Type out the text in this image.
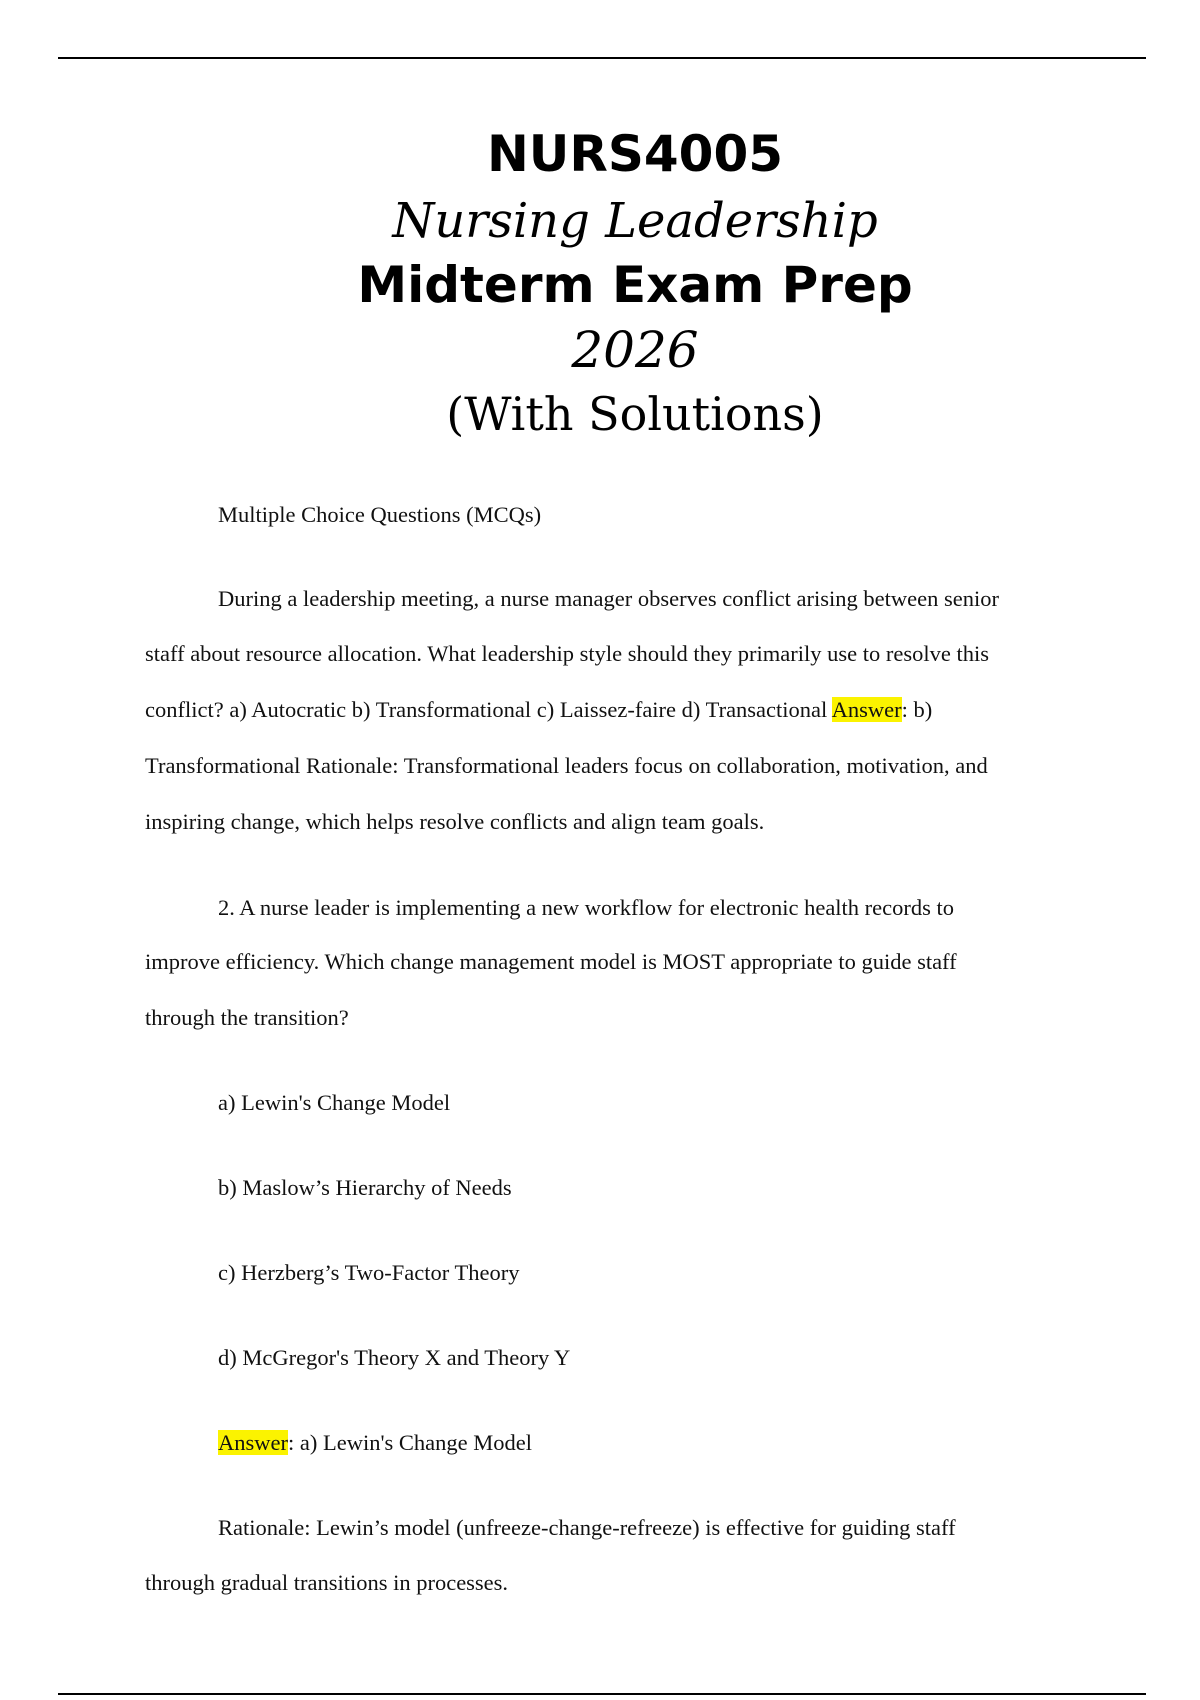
NURS4005
Nursing Leadership
Midterm Exam Prep
2026
(With Solutions)
Multiple Choice Questions (MCQs)
During a leadership meeting, a nurse manager observes conflict arising between senior
staff about resource allocation. What leadership style should they primarily use to resolve this
conflict? a) Autocratic b) Transformational c) Laissez-faire d) Transactional Answer: b)
Transformational Rationale: Transformational leaders focus on collaboration, motivation, and
inspiring change, which helps resolve conflicts and align team goals.
2. A nurse leader is implementing a new workflow for electronic health records to
improve efficiency. Which change management model is MOST appropriate to guide staff
through the transition?
a) Lewin's Change Model
b) Maslow’s Hierarchy of Needs
c) Herzberg’s Two-Factor Theory
d) McGregor's Theory X and Theory Y
Answer: a) Lewin's Change Model
Rationale: Lewin’s model (unfreeze-change-refreeze) is effective for guiding staff
through gradual transitions in processes.
